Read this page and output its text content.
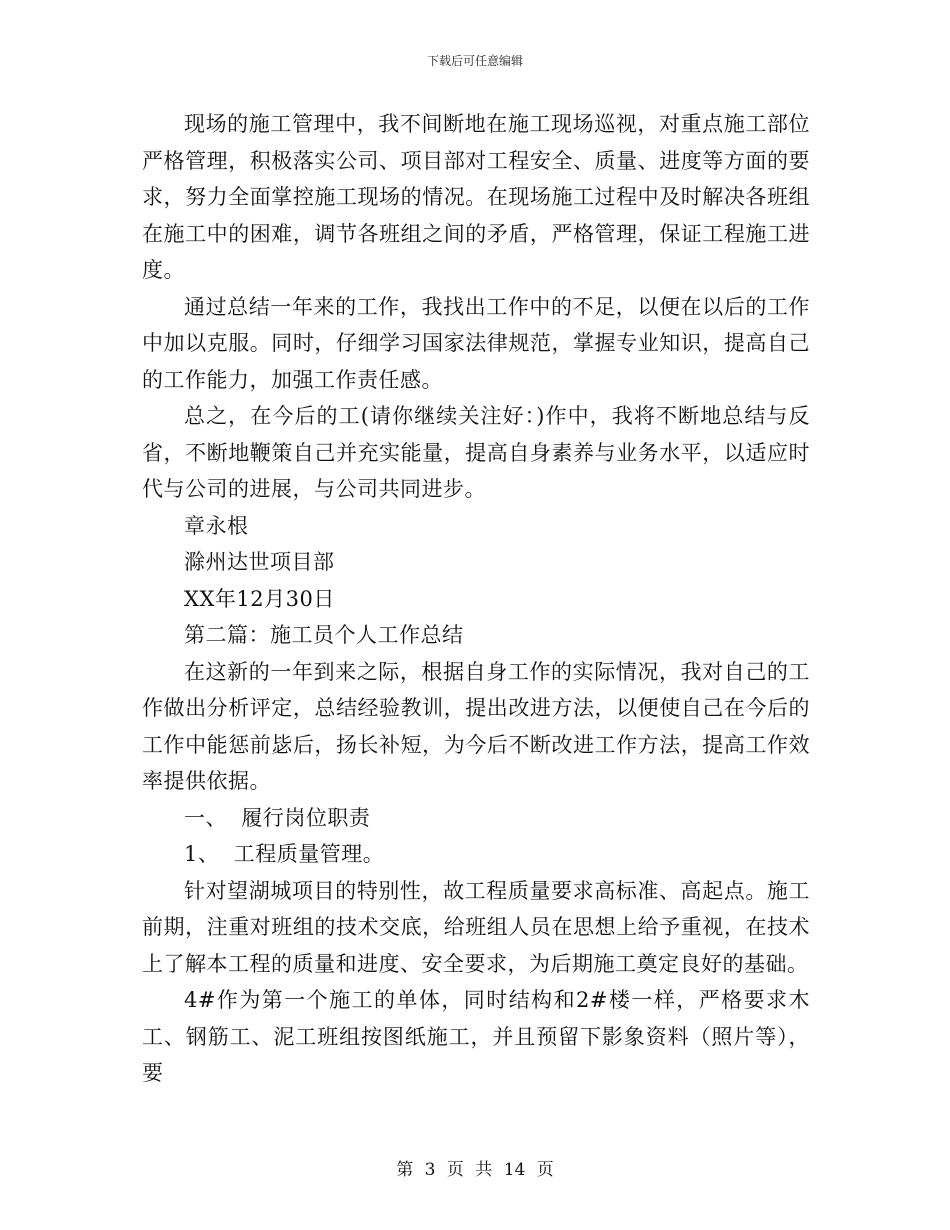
下载后可任意编辑

现场的施工管理中，我不间断地在施工现场巡视，对重点施工部位严格管理，积极落实公司、项目部对工程安全、质量、进度等方面的要求，努力全面掌控施工现场的情况。在现场施工过程中及时解决各班组在施工中的困难，调节各班组之间的矛盾，严格管理，保证工程施工进度。

通过总结一年来的工作，我找出工作中的不足，以便在以后的工作中加以克服。同时，仔细学习国家法律规范，掌握专业知识，提高自己的工作能力，加强工作责任感。

总之，在今后的工(请你继续关注好：)作中，我将不断地总结与反省，不断地鞭策自己并充实能量，提高自身素养与业务水平，以适应时代与公司的进展，与公司共同进步。

章永根

滁州达世项目部

XX年12月30日

第二篇：施工员个人工作总结

在这新的一年到来之际，根据自身工作的实际情况，我对自己的工作做出分析评定，总结经验教训，提出改进方法，以便使自己在今后的工作中能惩前毖后，扬长补短，为今后不断改进工作方法，提高工作效率提供依据。

一、  履行岗位职责

1、  工程质量管理。

针对望湖城项目的特别性，故工程质量要求高标准、高起点。施工前期，注重对班组的技术交底，给班组人员在思想上给予重视，在技术上了解本工程的质量和进度、安全要求，为后期施工奠定良好的基础。

4#作为第一个施工的单体，同时结构和2#楼一样，严格要求木工、钢筋工、泥工班组按图纸施工，并且预留下影象资料（照片等），要

第 3 页 共 14 页
